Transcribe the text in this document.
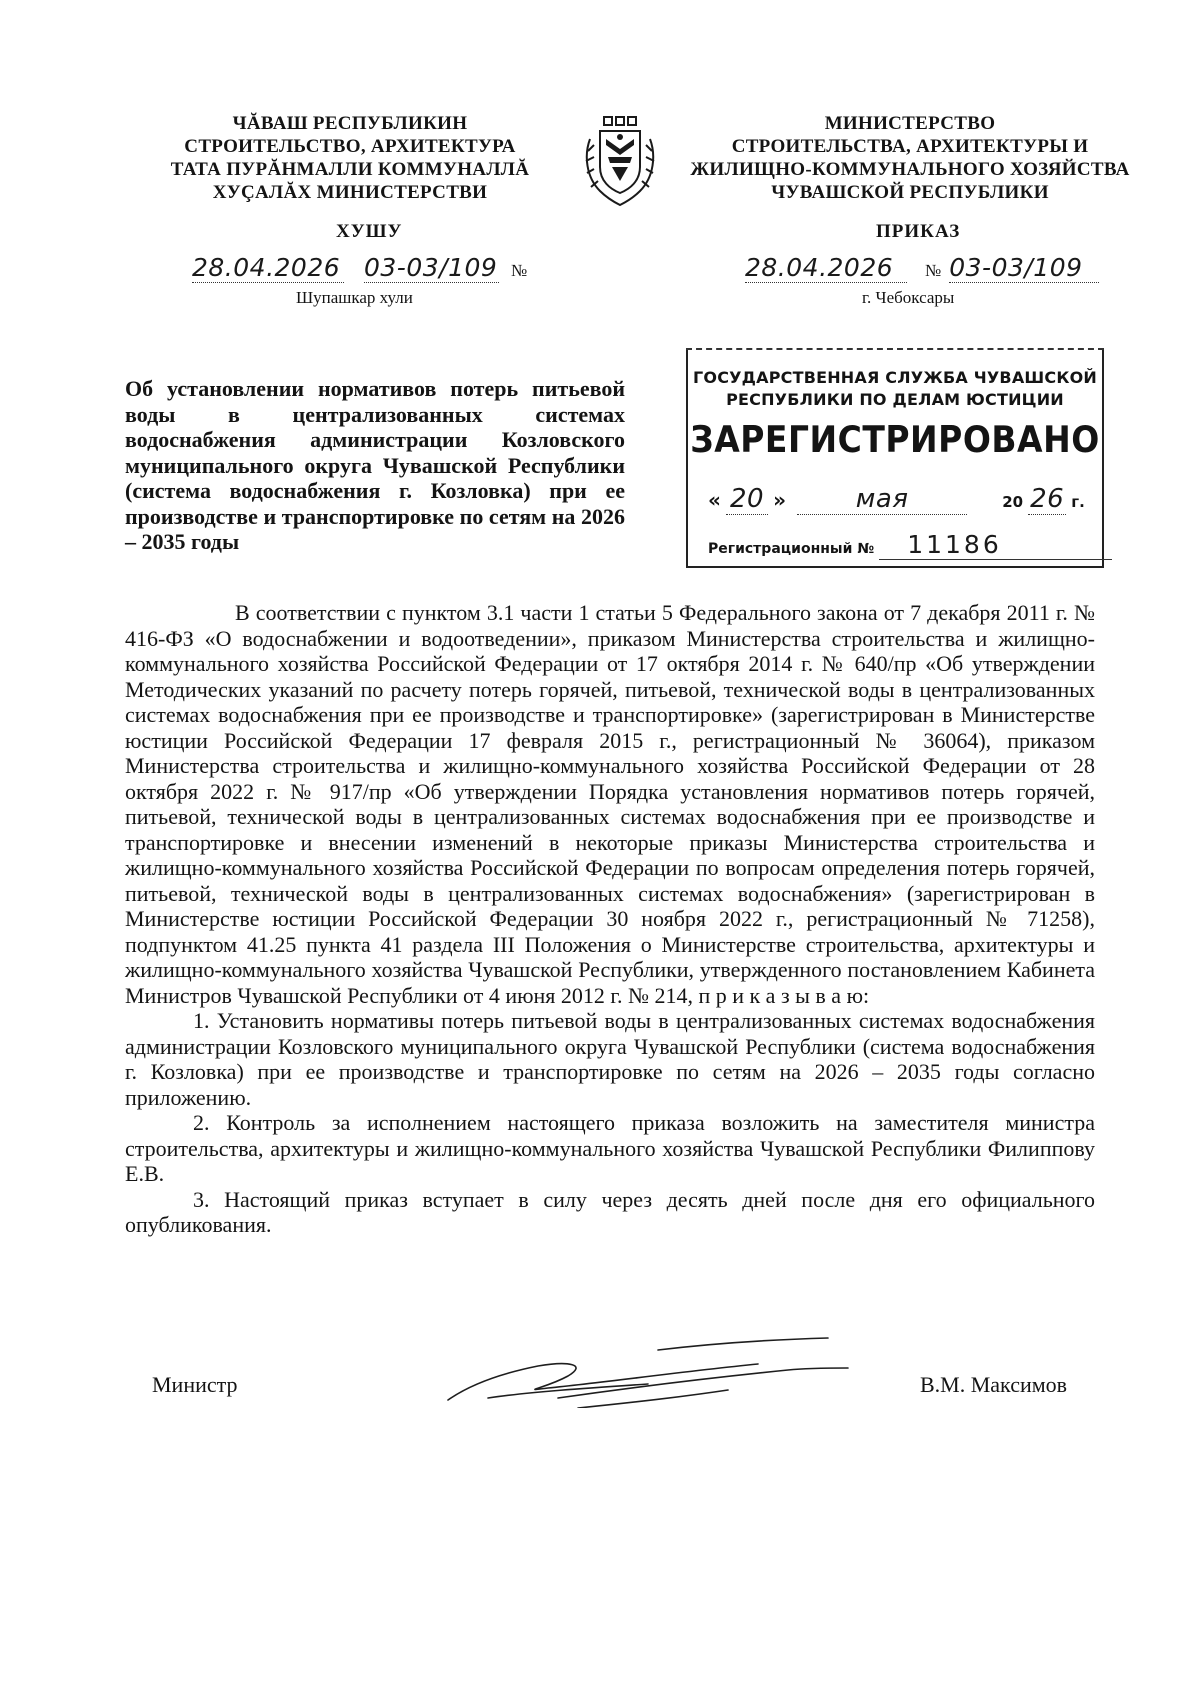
ЧĂВАШ РЕСПУБЛИКИН
СТРОИТЕЛЬСТВО, АРХИТЕКТУРА
ТАТА ПУРĂНМАЛЛИ КОММУНАЛЛĂ
ХУÇАЛĂХ МИНИСТЕРСТВИ
МИНИСТЕРСТВО
СТРОИТЕЛЬСТВА, АРХИТЕКТУРЫ И
ЖИЛИЩНО-КОММУНАЛЬНОГО ХОЗЯЙСТВА
ЧУВАШСКОЙ РЕСПУБЛИКИ
ХУШУ	ПРИКАЗ
28.04.2026 03-03/109 №
Шупашкар хули
28.04.2026 № 03-03/109
г. Чебоксары
ГОСУДАРСТВЕННАЯ СЛУЖБА ЧУВАШСКОЙ
РЕСПУБЛИКИ ПО ДЕЛАМ ЮСТИЦИИ
ЗАРЕГИСТРИРОВАНО
« 20 »	мая	20 26 г.
Регистрационный № 11186
Об установлении нормативов потерь питьевой воды в централизованных системах водоснабжения администрации Козловского муниципального округа Чувашской Республики (система водоснабжения г. Козловка) при ее производстве и транспортировке по сетям на 2026 – 2035 годы

В соответствии с пунктом 3.1 части 1 статьи 5 Федерального закона от 7 декабря 2011 г. № 416-ФЗ «О водоснабжении и водоотведении», приказом Министерства строительства и жилищно-коммунального хозяйства Российской Федерации от 17 октября 2014 г. № 640/пр «Об утверждении Методических указаний по расчету потерь горячей, питьевой, технической воды в централизованных системах водоснабжения при ее производстве и транспортировке» (зарегистрирован в Министерстве юстиции Российской Федерации 17 февраля 2015 г., регистрационный № 36064), приказом Министерства строительства и жилищно-коммунального хозяйства Российской Федерации от 28 октября 2022 г. № 917/пр «Об утверждении Порядка установления нормативов потерь горячей, питьевой, технической воды в централизованных системах водоснабжения при ее производстве и транспортировке и внесении изменений в некоторые приказы Министерства строительства и жилищно-коммунального хозяйства Российской Федерации по вопросам определения потерь горячей, питьевой, технической воды в централизованных системах водоснабжения» (зарегистрирован в Министерстве юстиции Российской Федерации 30 ноября 2022 г., регистрационный № 71258), подпунктом 41.25 пункта 41 раздела III Положения о Министерстве строительства, архитектуры и жилищно-коммунального хозяйства Чувашской Республики, утвержденного постановлением Кабинета Министров Чувашской Республики от 4 июня 2012 г. № 214, п р и к а з ы в а ю:

1. Установить нормативы потерь питьевой воды в централизованных системах водоснабжения администрации Козловского муниципального округа Чувашской Республики (система водоснабжения г. Козловка) при ее производстве и транспортировке по сетям на 2026 – 2035 годы согласно приложению.

2. Контроль за исполнением настоящего приказа возложить на заместителя министра строительства, архитектуры и жилищно-коммунального хозяйства Чувашской Республики Филиппову Е.В.

3. Настоящий приказ вступает в силу через десять дней после дня его официального опубликования.

Министр	В.М. Максимов
